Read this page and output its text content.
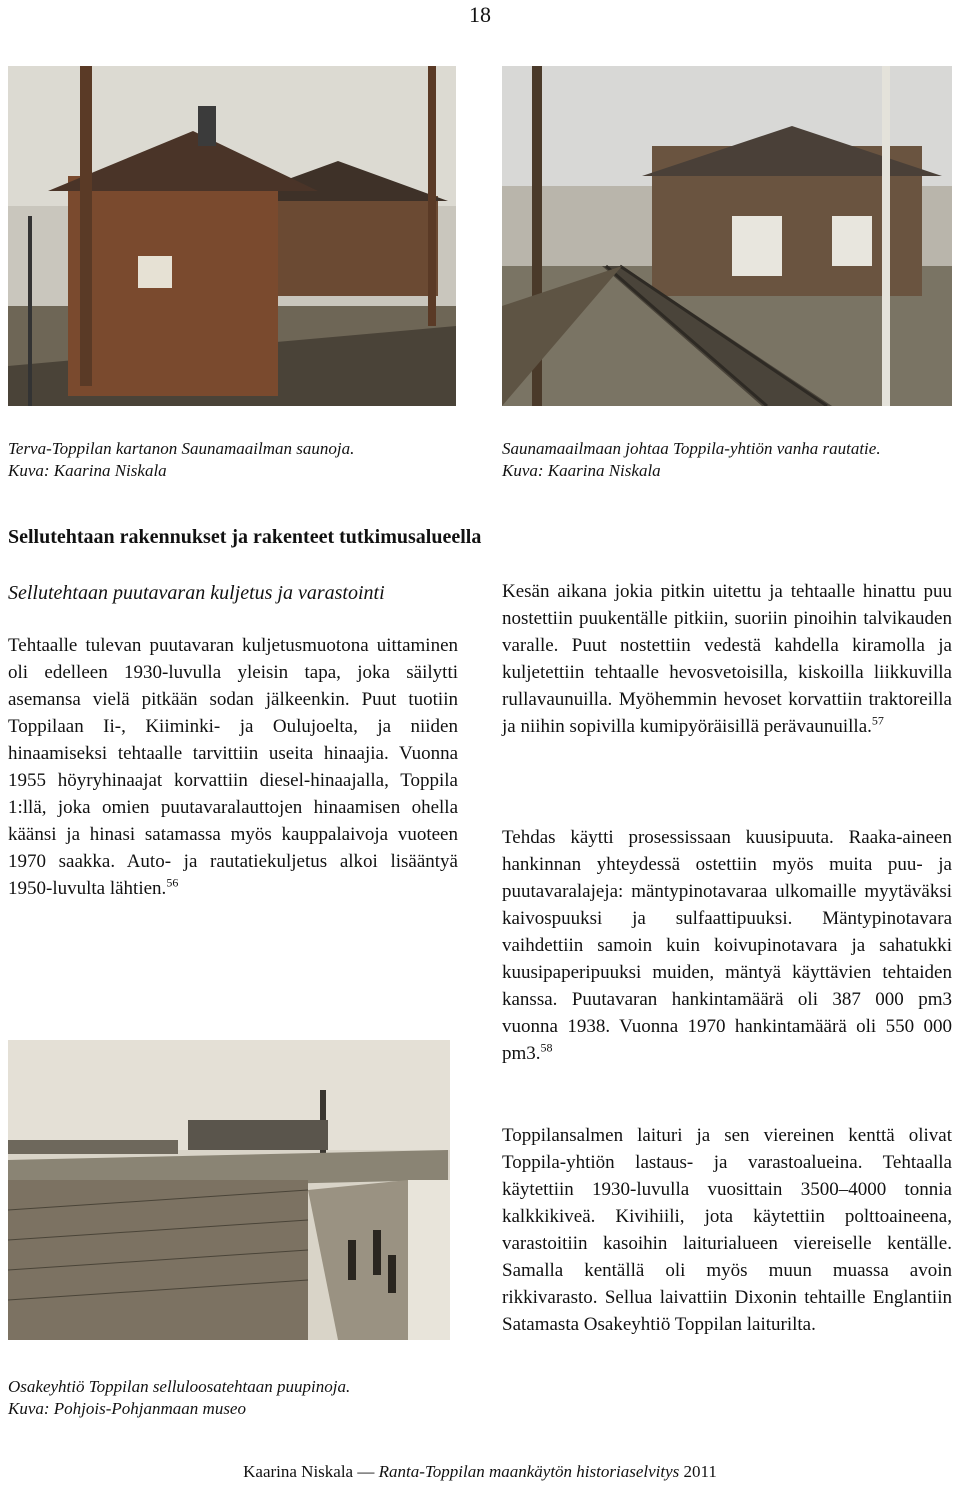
18
Terva-Toppilan kartanon Saunamaailman saunoja.
Kuva: Kaarina Niskala
Saunamaailmaan johtaa Toppila-yhtiön vanha rautatie.
Kuva: Kaarina Niskala
Sellutehtaan rakennukset ja rakenteet tutkimusalueella
Sellutehtaan puutavaran kuljetus ja varastointi
Tehtaalle tulevan puutavaran kuljetusmuotona uittaminen oli edelleen 1930-luvulla yleisin tapa, joka säilytti asemansa vielä pitkään sodan jälkeenkin. Puut tuotiin Toppilaan Ii-, Kiiminki- ja Oulujoelta, ja niiden hinaamiseksi tehtaalle tarvittiin useita hinaajia. Vuonna 1955 höyryhinaajat korvattiin diesel-hinaajalla, Toppila 1:llä, joka omien puutavaralauttojen hinaamisen ohella käänsi ja hinasi satamassa myös kauppalaivoja vuoteen 1970 saakka. Auto- ja rautatiekuljetus alkoi lisääntyä 1950-luvulta lähtien.$^{56}$
Osakeyhtiö Toppilan selluloosatehtaan puupinoja.
Kuva: Pohjois-Pohjanmaan museo
Kesän aikana jokia pitkin uitettu ja tehtaalle hinattu puu nostettiin puukentälle pitkiin, suoriin pinoihin talvikauden varalle. Puut nostettiin vedestä kahdella kiramolla ja kuljetettiin tehtaalle hevosvetoisilla, kiskoilla liikkuvilla rullavaunuilla. Myöhemmin hevoset korvattiin traktoreilla ja niihin sopivilla kumipyöräisillä perävaunuilla.$^{57}$
Tehdas käytti prosessissaan kuusipuuta. Raaka-aineen hankinnan yhteydessä ostettiin myös muita puu- ja puutavaralajeja: mäntypinotavaraa ulkomaille myytäväksi kaivospuuksi ja sulfaattipuuksi. Mäntypinotavara vaihdettiin samoin kuin koivupinotavara ja sahatukki kuusipaperipuuksi muiden, mäntyä käyttävien tehtaiden kanssa. Puutavaran hankintamäärä oli 387 000 pm3 vuonna 1938. Vuonna 1970 hankintamäärä oli 550 000 pm3.58
Toppilansalmen laituri ja sen viereinen kenttä olivat Toppila-yhtiön lastaus- ja varastoalueina. Tehtaalla käytettiin 1930-luvulla vuosittain 3500–4000 tonnia kalkkikiveä. Kivihiili, jota käytettiin polttoaineena, varastoitiin kasoihin laiturialueen viereiselle kentälle. Samalla kentällä oli myös muun muassa avoin rikkivarasto. Sellua laivattiin Dixonin tehtaille Englantiin Satamasta Osakeyhtiö Toppilan laiturilta.
Kaarina Niskala — Ranta-Toppilan maankäytön historiaselvitys 2011
